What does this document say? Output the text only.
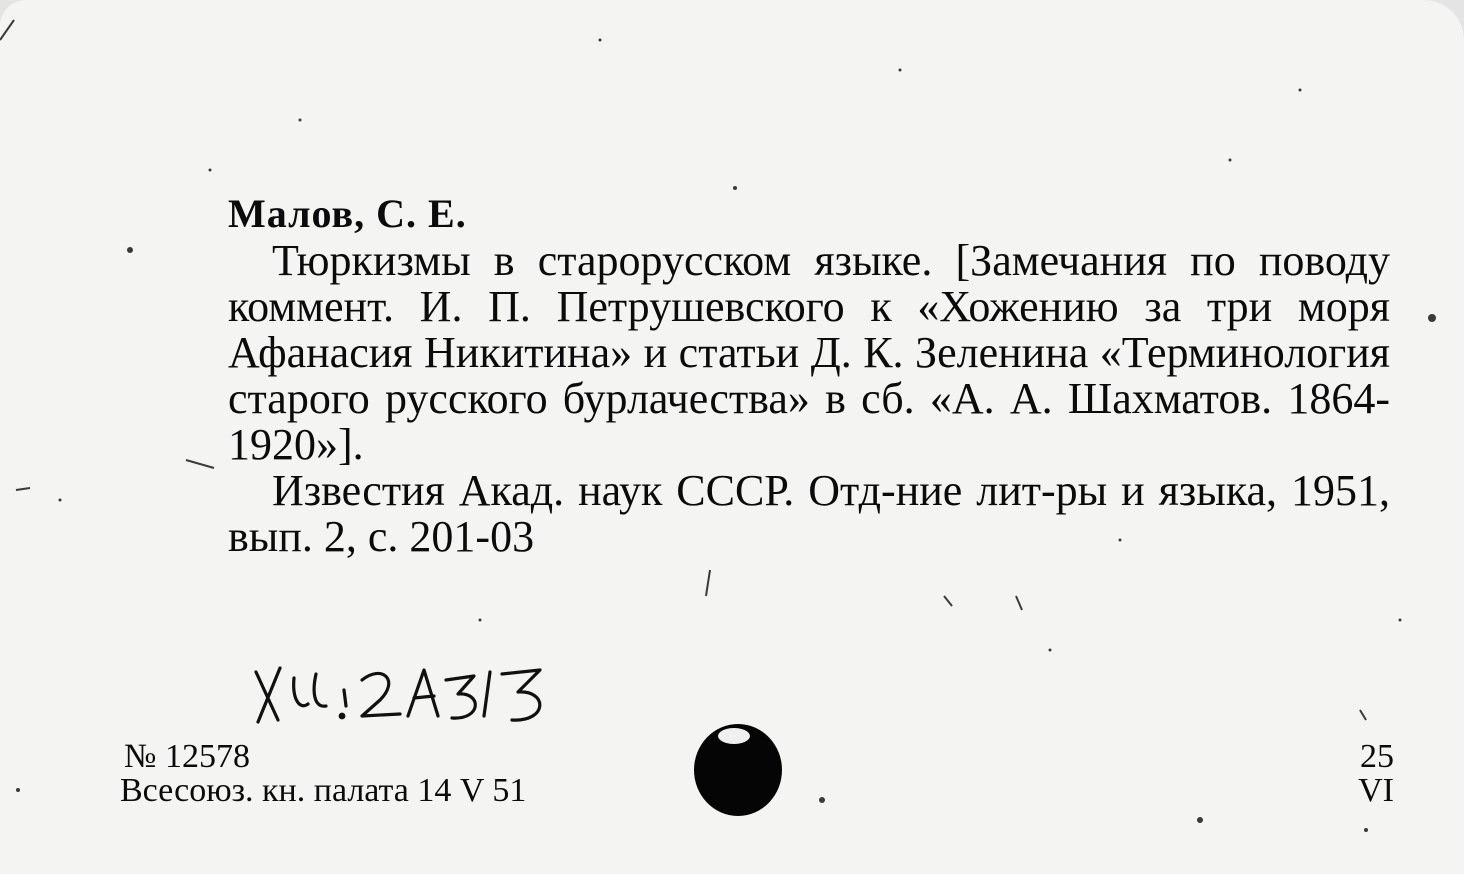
Малов, С. Е.

Тюркизмы в старорусском языке. [Замечания по поводу коммент. И. П. Петрушевского к «Хожению за три моря Афанасия Никитина» и статьи Д. К. Зеленина «Терминология старого русского бурлачества» в сб. «А. А. Шахматов. 1864-1920»].

Известия Акад. наук СССР. Отд-ние лит-ры и языка, 1951, вып. 2, с. 201-03

№ 12578
Всесоюз. кн. палата 14 V 51
25
VI
